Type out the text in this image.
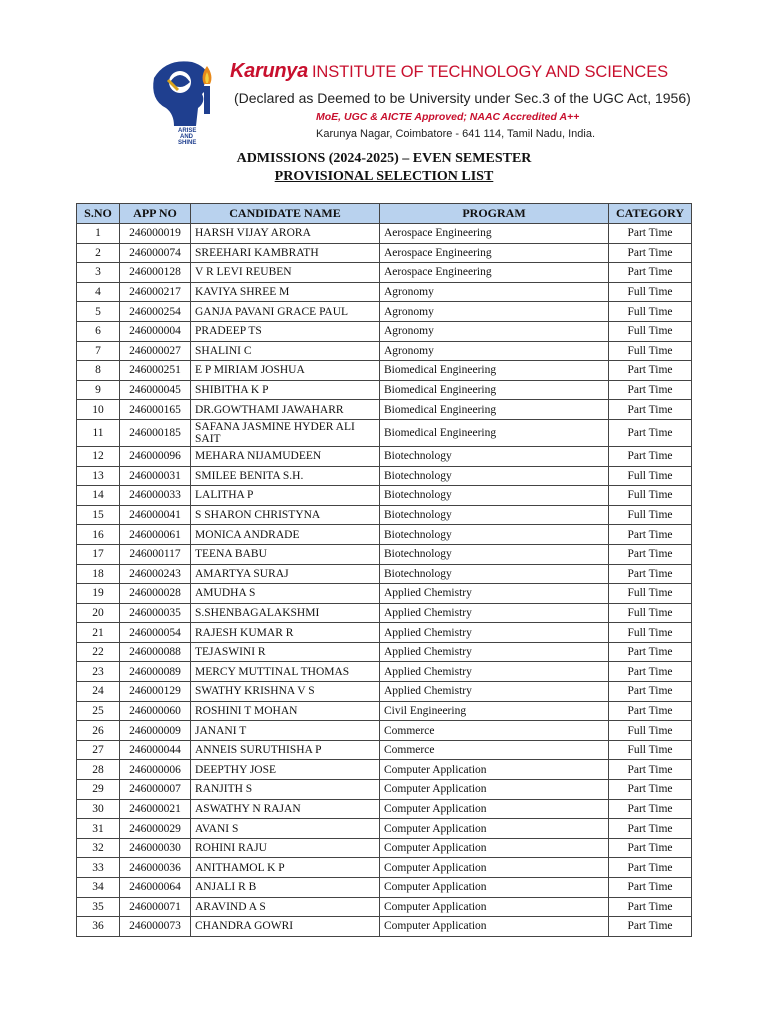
ARISE
AND
SHINE
Karunya INSTITUTE OF TECHNOLOGY AND SCIENCES
(Declared as Deemed to be University under Sec.3 of the UGC Act, 1956)
MoE, UGC & AICTE Approved; NAAC Accredited A++
Karunya Nagar, Coimbatore - 641 114, Tamil Nadu, India.
ADMISSIONS (2024-2025) – EVEN SEMESTER
PROVISIONAL SELECTION LIST
S.NO	APP NO	CANDIDATE NAME	PROGRAM	CATEGORY
1	246000019	HARSH VIJAY ARORA	Aerospace Engineering	Part Time
2	246000074	SREEHARI KAMBRATH	Aerospace Engineering	Part Time
3	246000128	V R LEVI REUBEN	Aerospace Engineering	Part Time
4	246000217	KAVIYA SHREE M	Agronomy	Full Time
5	246000254	GANJA PAVANI GRACE PAUL	Agronomy	Full Time
6	246000004	PRADEEP TS	Agronomy	Full Time
7	246000027	SHALINI C	Agronomy	Full Time
8	246000251	E P MIRIAM JOSHUA	Biomedical Engineering	Part Time
9	246000045	SHIBITHA K P	Biomedical Engineering	Part Time
10	246000165	DR.GOWTHAMI JAWAHARR	Biomedical Engineering	Part Time
11	246000185	SAFANA JASMINE HYDER ALI SAIT	Biomedical Engineering	Part Time
12	246000096	MEHARA NIJAMUDEEN	Biotechnology	Part Time
13	246000031	SMILEE BENITA S.H.	Biotechnology	Full Time
14	246000033	LALITHA P	Biotechnology	Full Time
15	246000041	S SHARON CHRISTYNA	Biotechnology	Full Time
16	246000061	MONICA ANDRADE	Biotechnology	Part Time
17	246000117	TEENA BABU	Biotechnology	Part Time
18	246000243	AMARTYA SURAJ	Biotechnology	Part Time
19	246000028	AMUDHA S	Applied Chemistry	Full Time
20	246000035	S.SHENBAGALAKSHMI	Applied Chemistry	Full Time
21	246000054	RAJESH KUMAR R	Applied Chemistry	Full Time
22	246000088	TEJASWINI R	Applied Chemistry	Part Time
23	246000089	MERCY MUTTINAL THOMAS	Applied Chemistry	Part Time
24	246000129	SWATHY KRISHNA V S	Applied Chemistry	Part Time
25	246000060	ROSHINI T MOHAN	Civil Engineering	Part Time
26	246000009	JANANI T	Commerce	Full Time
27	246000044	ANNEIS SURUTHISHA P	Commerce	Full Time
28	246000006	DEEPTHY JOSE	Computer Application	Part Time
29	246000007	RANJITH S	Computer Application	Part Time
30	246000021	ASWATHY N RAJAN	Computer Application	Part Time
31	246000029	AVANI S	Computer Application	Part Time
32	246000030	ROHINI RAJU	Computer Application	Part Time
33	246000036	ANITHAMOL K P	Computer Application	Part Time
34	246000064	ANJALI R B	Computer Application	Part Time
35	246000071	ARAVIND A S	Computer Application	Part Time
36	246000073	CHANDRA GOWRI	Computer Application	Part Time
